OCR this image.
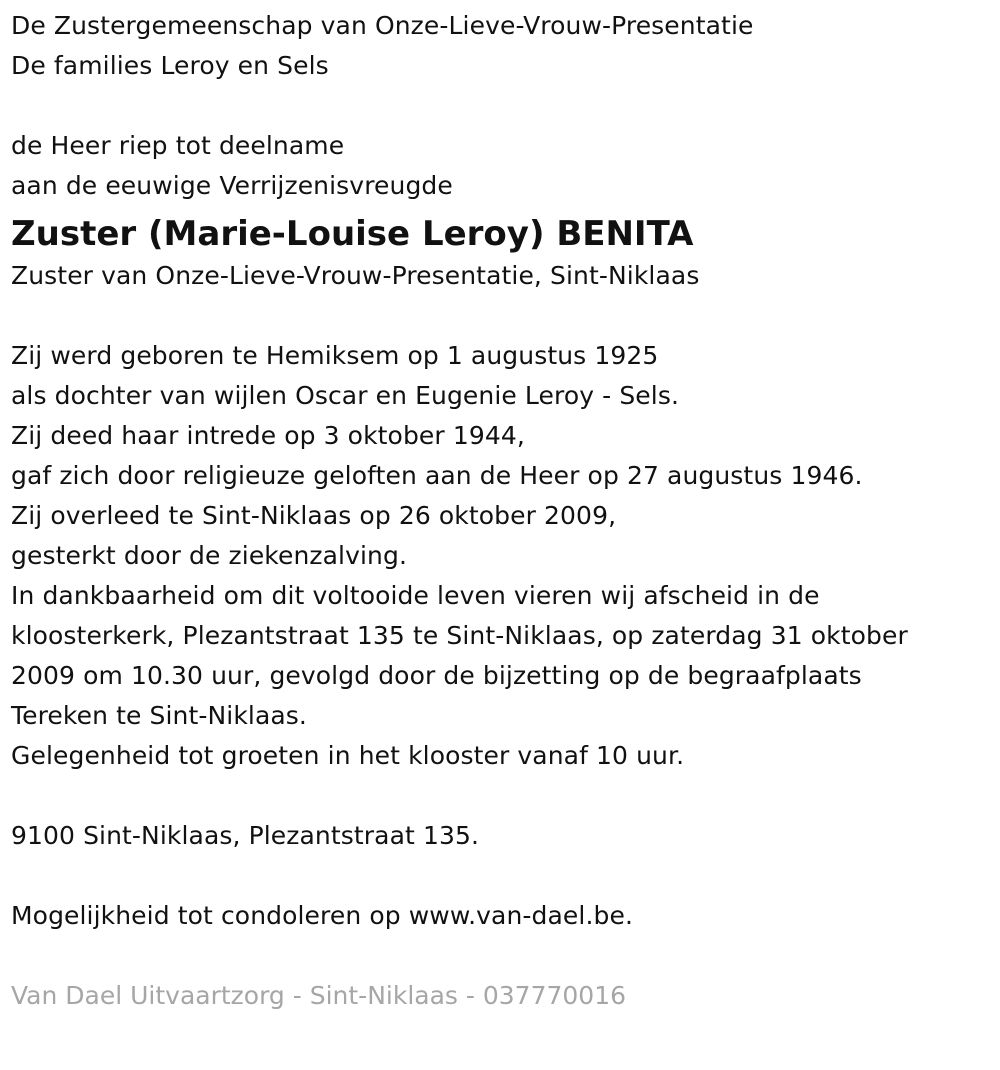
De Zustergemeenschap van Onze-Lieve-Vrouw-Presentatie
De families Leroy en Sels
de Heer riep tot deelname
aan de eeuwige Verrijzenisvreugde
Zuster (Marie-Louise Leroy) BENITA
Zuster van Onze-Lieve-Vrouw-Presentatie, Sint-Niklaas
Zij werd geboren te Hemiksem op 1 augustus 1925
als dochter van wijlen Oscar en Eugenie Leroy - Sels.
Zij deed haar intrede op 3 oktober 1944,
gaf zich door religieuze geloften aan de Heer op 27 augustus 1946.
Zij overleed te Sint-Niklaas op 26 oktober 2009,
gesterkt door de ziekenzalving.
In dankbaarheid om dit voltooide leven vieren wij afscheid in de
kloosterkerk, Plezantstraat 135 te Sint-Niklaas, op zaterdag 31 oktober
2009 om 10.30 uur, gevolgd door de bijzetting op de begraafplaats
Tereken te Sint-Niklaas.
Gelegenheid tot groeten in het klooster vanaf 10 uur.
9100 Sint-Niklaas, Plezantstraat 135.
Mogelijkheid tot condoleren op www.van-dael.be.
Van Dael Uitvaartzorg - Sint-Niklaas - 037770016
